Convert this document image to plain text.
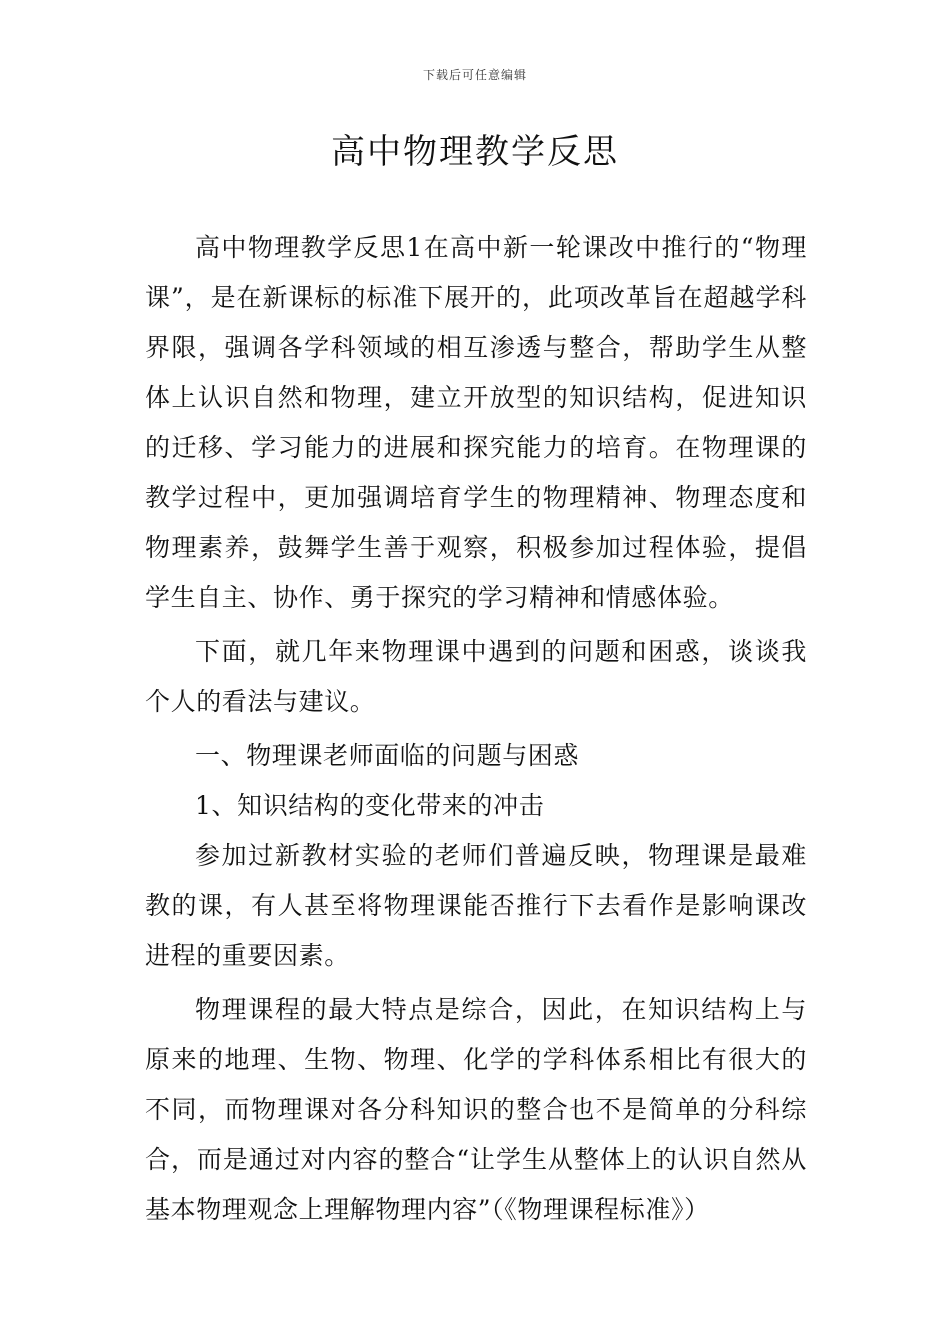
下载后可任意编辑
高中物理教学反思

高中物理教学反思1在高中新一轮课改中推行的“物理课”，是在新课标的标准下展开的，此项改革旨在超越学科界限，强调各学科领域的相互渗透与整合，帮助学生从整体上认识自然和物理，建立开放型的知识结构，促进知识的迁移、学习能力的进展和探究能力的培育。在物理课的教学过程中，更加强调培育学生的物理精神、物理态度和物理素养，鼓舞学生善于观察，积极参加过程体验，提倡学生自主、协作、勇于探究的学习精神和情感体验。

下面，就几年来物理课中遇到的问题和困惑，谈谈我个人的看法与建议。

一、物理课老师面临的问题与困惑

1、知识结构的变化带来的冲击

参加过新教材实验的老师们普遍反映，物理课是最难教的课，有人甚至将物理课能否推行下去看作是影响课改进程的重要因素。

物理课程的最大特点是综合，因此，在知识结构上与原来的地理、生物、物理、化学的学科体系相比有很大的不同，而物理课对各分科知识的整合也不是简单的分科综合，而是通过对内容的整合“让学生从整体上的认识自然从基本物理观念上理解物理内容”（《物理课程标准》）
